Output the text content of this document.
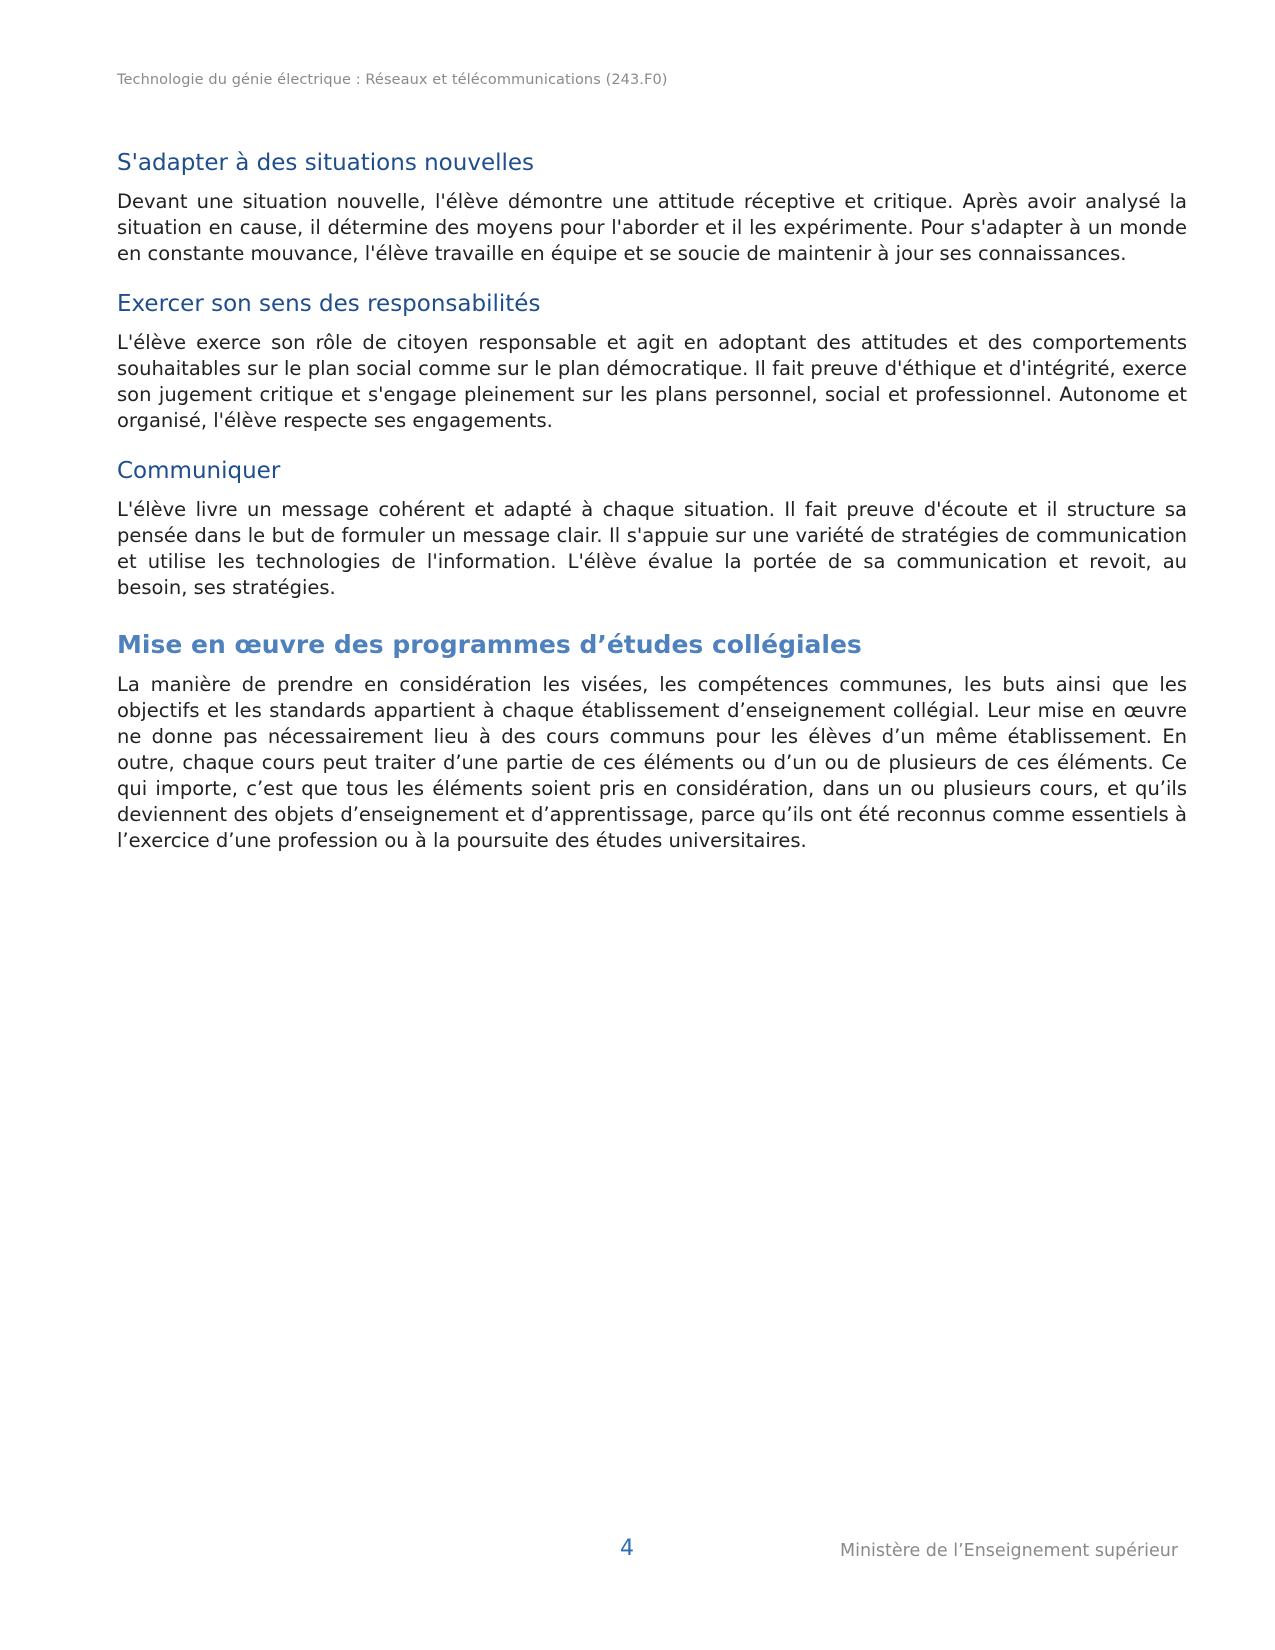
Technologie du génie électrique : Réseaux et télécommunications (243.F0)
S'adapter à des situations nouvelles

Devant une situation nouvelle, l'élève démontre une attitude réceptive et critique. Après avoir analysé la situation en cause, il détermine des moyens pour l'aborder et il les expérimente. Pour s'adapter à un monde en constante mouvance, l'élève travaille en équipe et se soucie de maintenir à jour ses connaissances.

Exercer son sens des responsabilités

L'élève exerce son rôle de citoyen responsable et agit en adoptant des attitudes et des comportements souhaitables sur le plan social comme sur le plan démocratique. Il fait preuve d'éthique et d'intégrité, exerce son jugement critique et s'engage pleinement sur les plans personnel, social et professionnel. Autonome et organisé, l'élève respecte ses engagements.

Communiquer

L'élève livre un message cohérent et adapté à chaque situation. Il fait preuve d'écoute et il structure sa pensée dans le but de formuler un message clair. Il s'appuie sur une variété de stratégies de communication et utilise les technologies de l'information. L'élève évalue la portée de sa communication et revoit, au besoin, ses stratégies.

Mise en œuvre des programmes d’études collégiales

La manière de prendre en considération les visées, les compétences communes, les buts ainsi que les objectifs et les standards appartient à chaque établissement d’enseignement collégial. Leur mise en œuvre ne donne pas nécessairement lieu à des cours communs pour les élèves d’un même établissement. En outre, chaque cours peut traiter d’une partie de ces éléments ou d’un ou de plusieurs de ces éléments. Ce qui importe, c’est que tous les éléments soient pris en considération, dans un ou plusieurs cours, et qu’ils deviennent des objets d’enseignement et d’apprentissage, parce qu’ils ont été reconnus comme essentiels à l’exercice d’une profession ou à la poursuite des études universitaires.

4	Ministère de l’Enseignement supérieur
